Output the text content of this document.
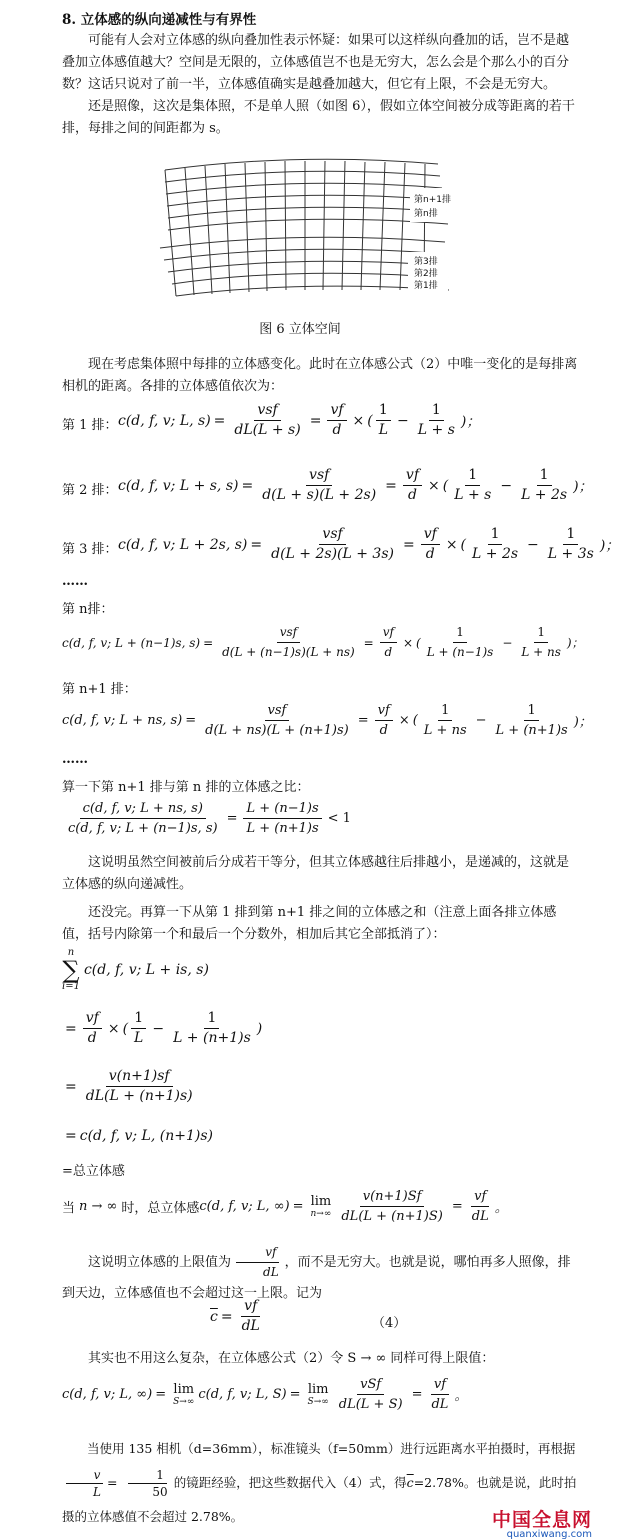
8. 立体感的纵向递减性与有界性
可能有人会对立体感的纵向叠加性表示怀疑：如果可以这样纵向叠加的话，岂不是越叠加立体感值越大？空间是无限的，立体感值岂不也是无穷大，怎么会是个那么小的百分数？这话只说对了前一半，立体感值确实是越叠加越大，但它有上限，不会是无穷大。
还是照像，这次是集体照，不是单人照（如图 6），假如立体空间被分成等距离的若干排，每排之间的间距都为 s。
第n+1排
第n排
第3排
第2排
第1排
图 6 立体空间
现在考虑集体照中每排的立体感变化。此时在立体感公式（2）中唯一变化的是每排离相机的距离。各排的立体感值依次为：
第 1 排： c(d, f, v; L, $s) = \frac{\text{vsf}}{dL(L + s)} = \frac{vf}{d}$ × ( $\frac{1}{L} - \frac{1}{L + s}$ )；
第 2 排： c(d, f, v; L + s, $s) = \frac{\text{vsf}}{d(L + s)(L + 2s)} = \frac{vf}{d}$ × ( $\frac{1}{L + s} - \frac{1}{L + 2s}$ )；
第 3 排： c(d, f, v; L + 2s, $s) = \frac{\text{vsf}}{d(L + 2s)(L + 3s)} = \frac{vf}{d}$ × ( $\frac{1}{L + 2s} - \frac{1}{L + 3s}$ )；
……
第 n排：
c(d, f, v; L + (n−1)s, $s) = \frac{\text{vsf}}{d(L + (n-1)s)(L + ns)} = \frac{vf}{d}$ × ( $\frac{1}{L + (n-1)s} - \frac{1}{L + ns}$ )；
第 n+1 排：
c(d, f, v; L + ns, $s) = \frac{\text{vsf}}{d(L + ns)(L + (n+1)s)} = \frac{vf}{d}$ × ( $\frac{1}{L + ns} - \frac{1}{L + (n+1)s}$ )；
……
算一下第 n+1 排与第 n 排的立体感之比：
$\frac{c(d, f, v; L + ns, s)}{c(d, f, v; L + (n-1)s, s)} = \frac{L + (n-1)s}{L + (n+1)s} < 1$
这说明虽然空间被前后分成若干等分，但其立体感越往后排越小，是递减的，这就是立体感的纵向递减性。
还没完。再算一下从第 1 排到第 n+1 排之间的立体感之和（注意上面各排立体感值，括号内除第一个和最后一个分数外，相加后其它全部抵消了）：
n
∑
i=1
c(d, f, v; L + is, s)
= $\frac{vf}{d}$ × ( $\frac{1}{L} - \frac{1}{L + (n+1)s}$ )
= $\frac{v(n+1)sf}{dL(L + (n+1)s)}$
= c(d, f, v; L, (n+1)s)
=总立体感
当 n → ∞ 时，总立体感 c(d, f, v; L, ∞) = lim
$n\to\infty \frac{v(n+1)Sf}{dL(L + (n+1)S)} = \frac{vf}{dL}$ 。
这说明立体感的上限值为 $\frac{vf}{dL}$ ，而不是无穷大。也就是说，哪怕再多人照像，排到天边，立体感值也不会超过这一上限。记为
$\overline{c} = \frac{vf}{dL}$	（4）
其实也不用这么复杂，在立体感公式（2）令 S → ∞ 同样可得上限值：
c(d, f, v; L, ∞) = lim
S→∞ c(d, f, v; L, S) = lim
$S\to\infty \frac{\text{vSf}}{dL(L + S)} = \frac{vf}{dL}$ 。
当使用 135 相机（d=36mm），标准镜头（f=50mm）进行远距离水平拍摄时，再根据
$\frac{v}{L} = \frac{1}{50}$ 的镜距经验，把这些数据代入（4）式，得$\overline{c}=2.78\%$。也就是说，此时拍摄的立体感值不会超过 2.78%。	中国全息网
quanxiwang.com
